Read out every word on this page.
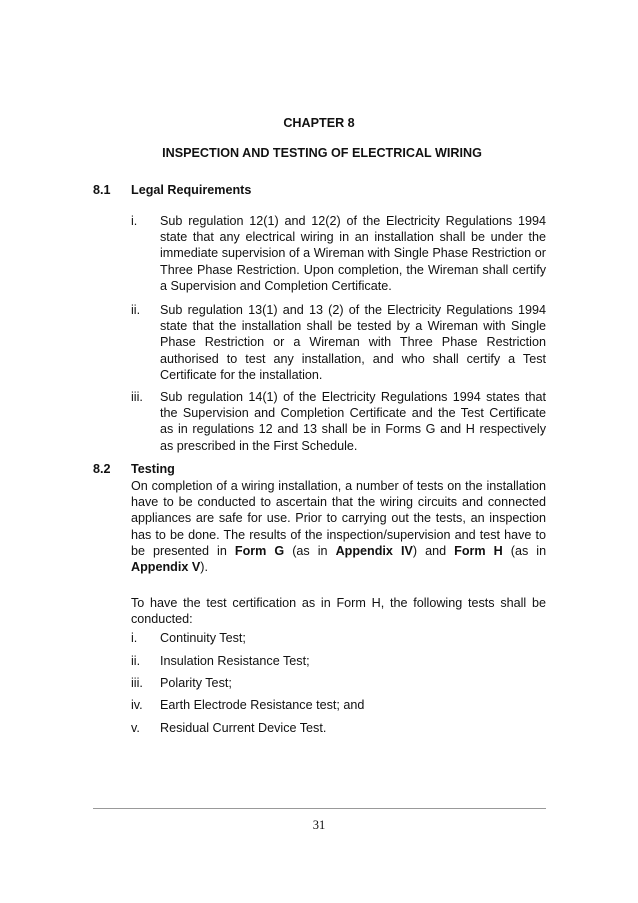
CHAPTER 8
INSPECTION AND TESTING OF ELECTRICAL WIRING
8.1 Legal Requirements
i. Sub regulation 12(1) and 12(2) of the Electricity Regulations 1994 state that any electrical wiring in an installation shall be under the immediate supervision of a Wireman with Single Phase Restriction or Three Phase Restriction. Upon completion, the Wireman shall certify a Supervision and Completion Certificate.
ii. Sub regulation 13(1) and 13 (2) of the Electricity Regulations 1994 state that the installation shall be tested by a Wireman with Single Phase Restriction or a Wireman with Three Phase Restriction authorised to test any installation, and who shall certify a Test Certificate for the installation.
iii. Sub regulation 14(1) of the Electricity Regulations 1994 states that the Supervision and Completion Certificate and the Test Certificate as in regulations 12 and 13 shall be in Forms G and H respectively as prescribed in the First Schedule.
8.2 Testing
On completion of a wiring installation, a number of tests on the installation have to be conducted to ascertain that the wiring circuits and connected appliances are safe for use. Prior to carrying out the tests, an inspection has to be done. The results of the inspection/supervision and test have to be presented in Form G (as in Appendix IV) and Form H (as in Appendix V).
To have the test certification as in Form H, the following tests shall be conducted:
i. Continuity Test;
ii. Insulation Resistance Test;
iii. Polarity Test;
iv. Earth Electrode Resistance test; and
v. Residual Current Device Test.
31
